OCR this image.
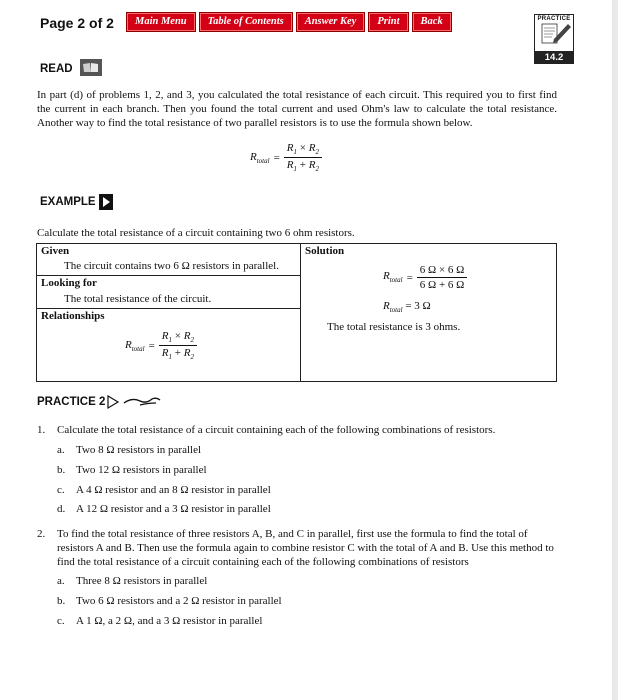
Page 2 of 2	Main Menu	Table of Contents	Answer Key	Print	Back	PRACTICE
14.2
READ
In part (d) of problems 1, 2, and 3, you calculated the total resistance of each circuit. This required you to first find the current in each branch. Then you found the total current and used Ohm's law to calculate the total resistance. Another way to find the total resistance of two parallel resistors is to use the formula shown below.
$R_{total} = \frac{R_1 \times R_2}{R_1 + R_2}$
EXAMPLE
Calculate the total resistance of a circuit containing two 6 ohm resistors.
Given
The circuit contains two 6 Ω resistors in parallel.

Solution
$R_{total} = \frac{6 \Omega \times 6 \Omega}{6 \Omega + 6 \Omega}$
$R_{total} = 3$ Ω
The total resistance is 3 ohms.

Looking for
The total resistance of the circuit.

Relationships
$R_{total} = \frac{R_1 \times R_2}{R_1 + R_2}$
PRACTICE 2
1. Calculate the total resistance of a circuit containing each of the following combinations of resistors.
a. Two 8 Ω resistors in parallel
b. Two 12 Ω resistors in parallel
c. A 4 Ω resistor and an 8 Ω resistor in parallel
d. A 12 Ω resistor and a 3 Ω resistor in parallel
2. To find the total resistance of three resistors A, B, and C in parallel, first use the formula to find the total of resistors A and B. Then use the formula again to combine resistor C with the total of A and B. Use this method to find the total resistance of a circuit containing each of the following combinations of resistors
a. Three 8 Ω resistors in parallel
b. Two 6 Ω resistors and a 2 Ω resistor in parallel
c. A 1 Ω, a 2 Ω, and a 3 Ω resistor in parallel
